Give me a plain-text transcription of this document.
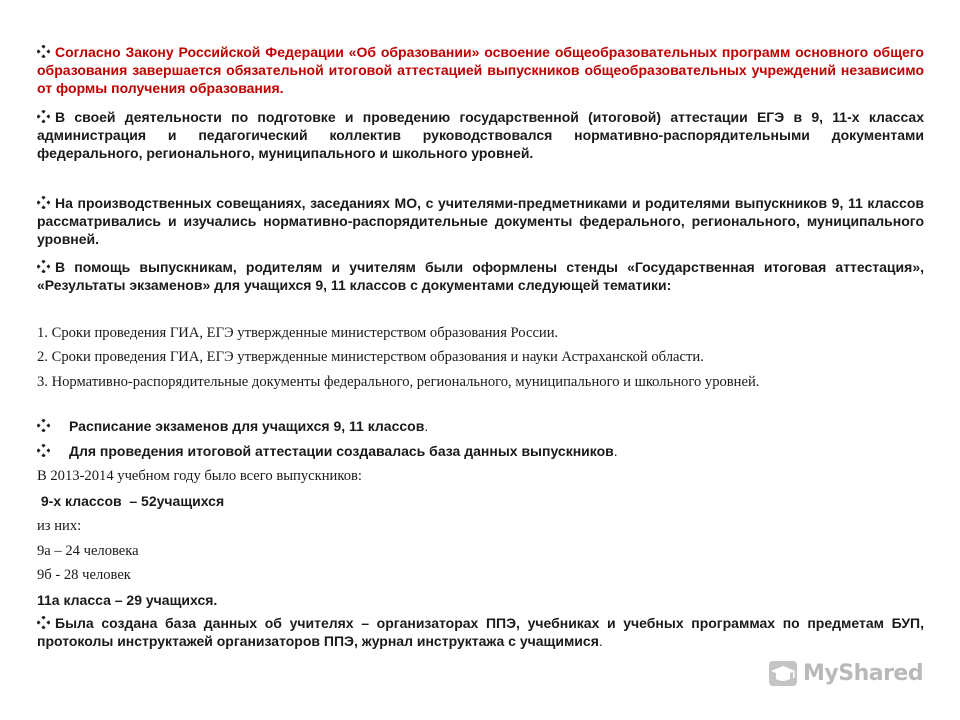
Согласно Закону Российской Федерации «Об образовании» освоение общеобразовательных программ основного общего образования завершается обязательной итоговой аттестацией выпускников общеобразовательных учреждений независимо от формы получения образования.

В своей деятельности по подготовке и проведению государственной (итоговой) аттестации ЕГЭ в 9, 11-х классах администрация и педагогический коллектив руководствовался нормативно-распорядительными документами федерального, регионального, муниципального и школьного уровней.

На производственных совещаниях, заседаниях МО, с учителями-предметниками и родителями выпускников 9, 11 классов рассматривались и изучались нормативно-распорядительные документы федерального, регионального, муниципального уровней.

В помощь выпускникам, родителям и учителям были оформлены стенды «Государственная итоговая аттестация», «Результаты экзаменов» для учащихся 9, 11 классов с документами следующей тематики:

1. Сроки проведения ГИА, ЕГЭ утвержденные министерством образования России.

2. Сроки проведения ГИА, ЕГЭ утвержденные министерством образования и науки Астраханской области.

3. Нормативно-распорядительные документы федерального, регионального, муниципального и школьного уровней.

Расписание экзаменов для учащихся 9, 11 классов.

Для проведения итоговой аттестации создавалась база данных выпускников.

В 2013-2014 учебном году было всего выпускников:

9-х классов  – 52учащихся

из них:

9а – 24 человека

9б - 28 человек

11а класса – 29 учащихся.

Была создана база данных об учителях – организаторах ППЭ, учебниках и учебных программах по предметам БУП, протоколы инструктажей организаторов ППЭ, журнал инструктажа с учащимися.

MyShared
